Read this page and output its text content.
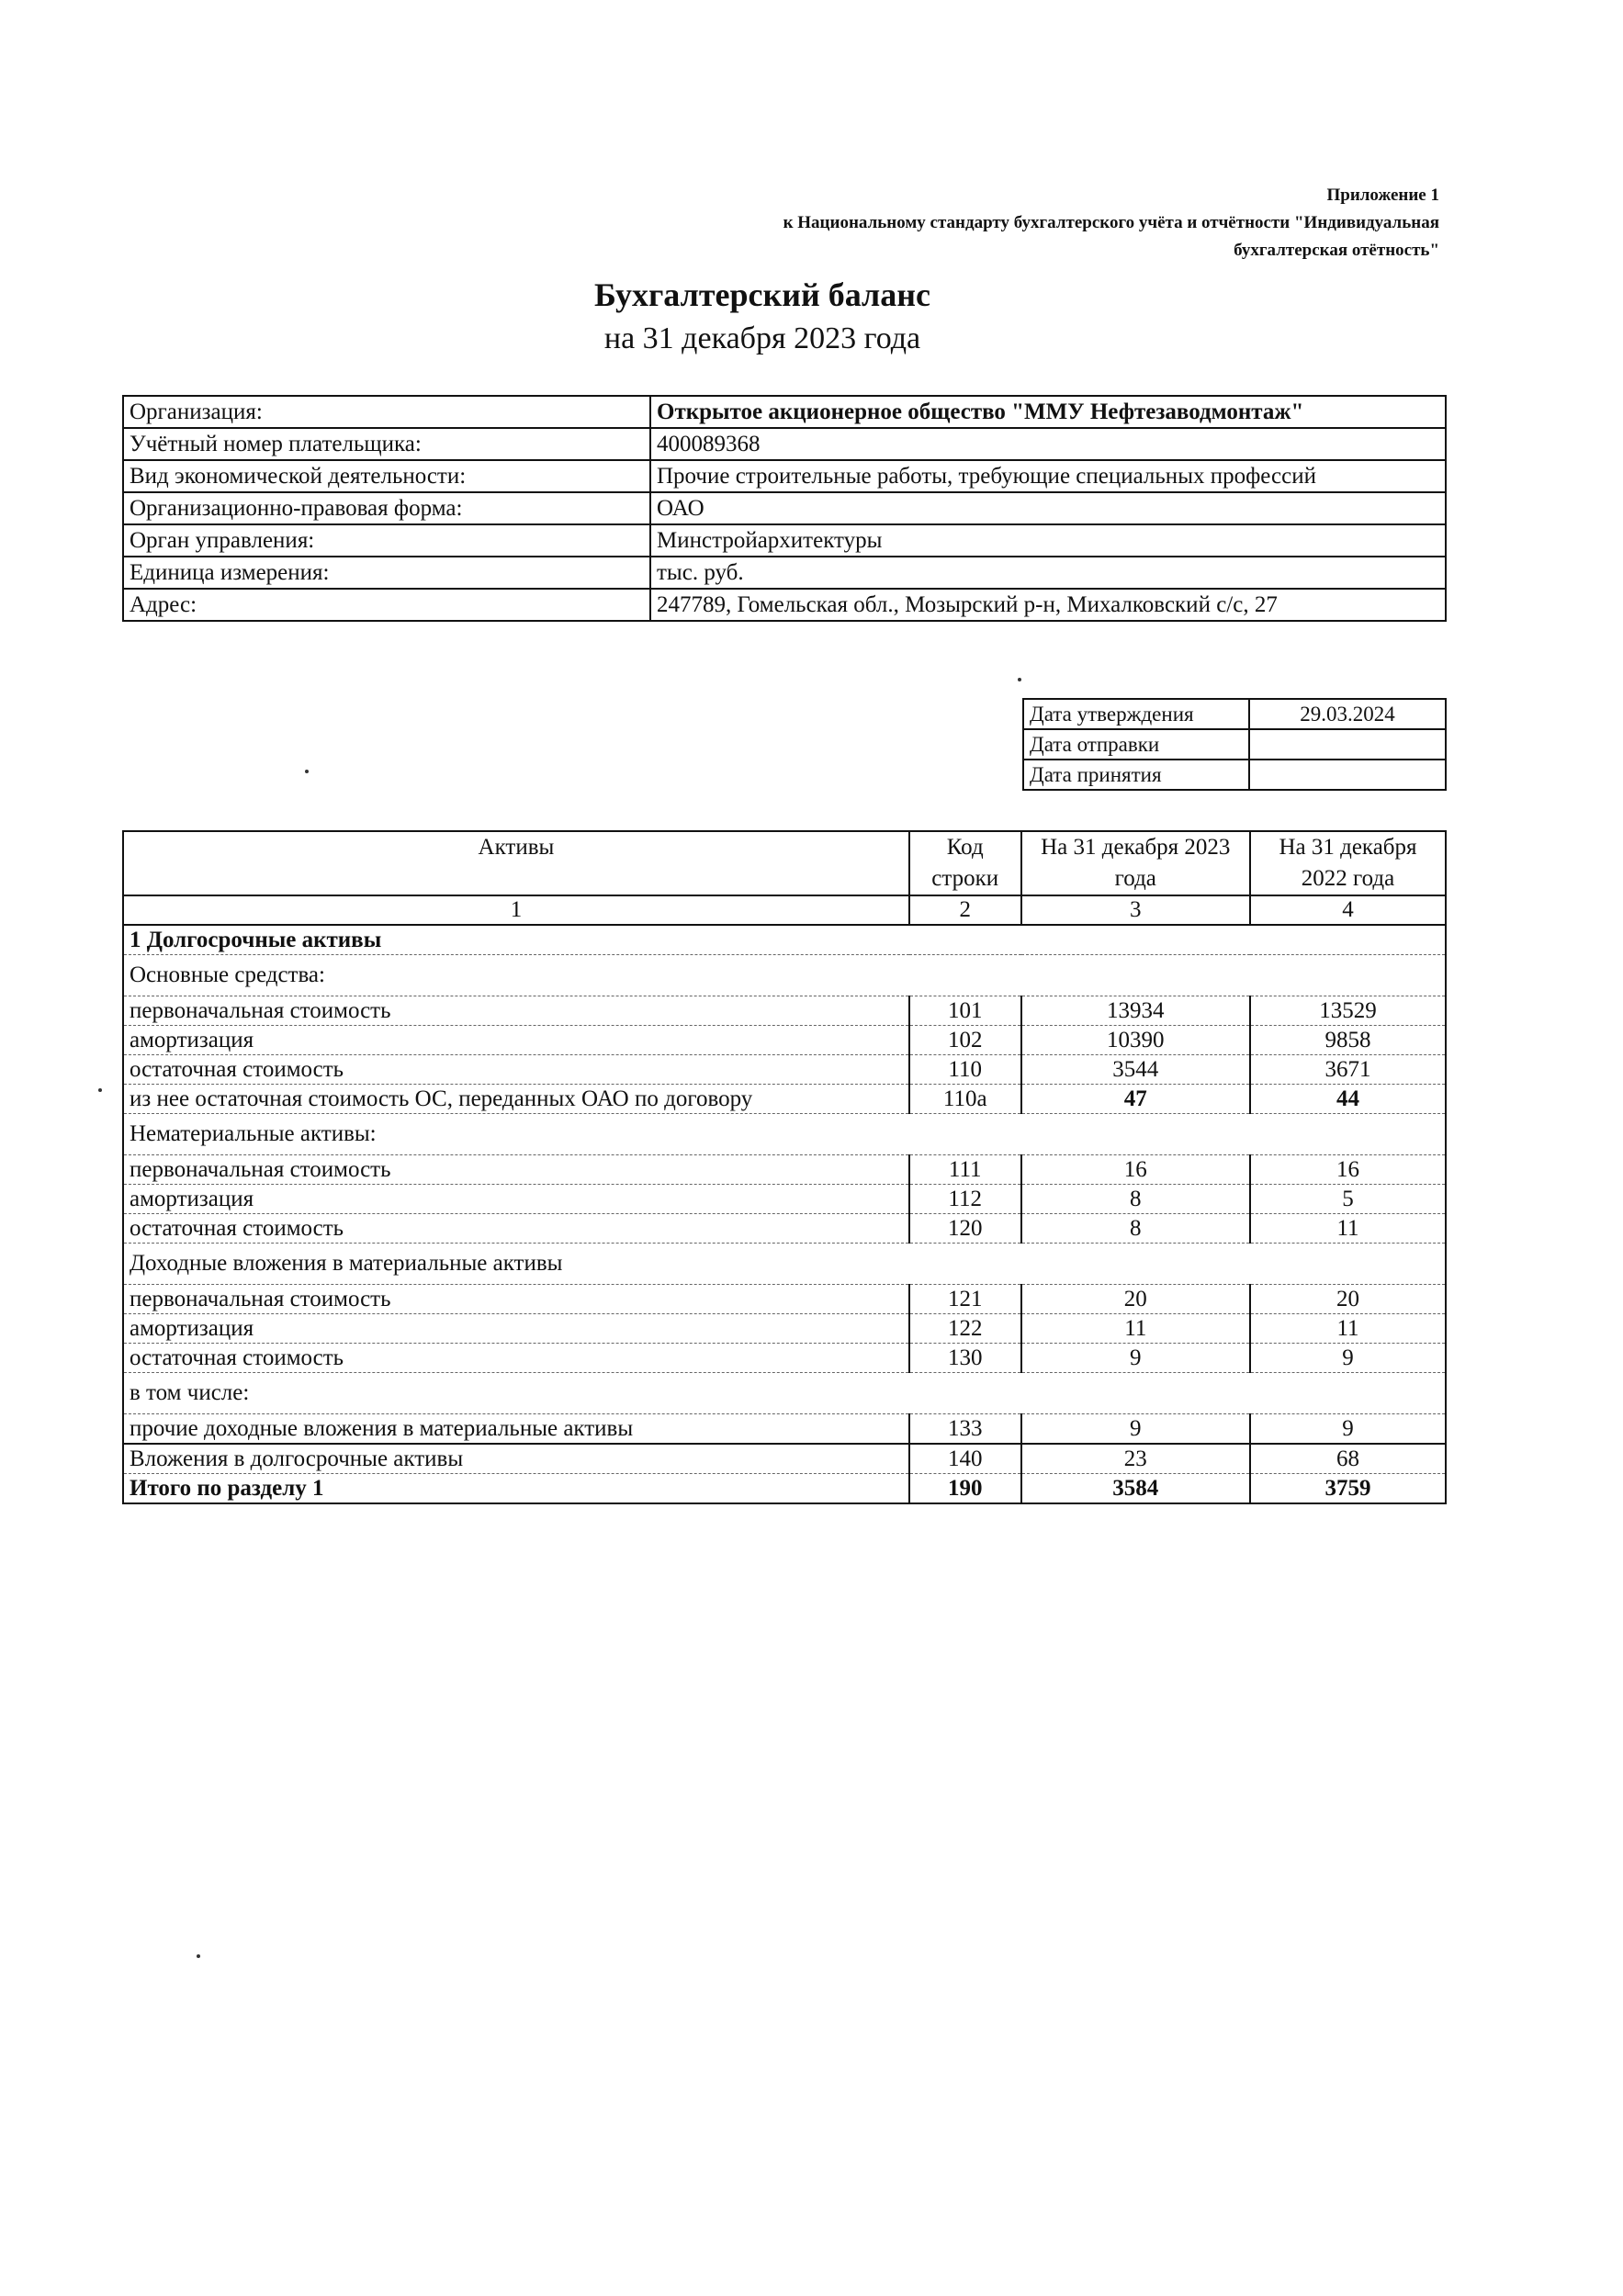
Приложение 1
к Национальному стандарту бухгалтерского учёта и отчётности "Индивидуальная
бухгалтерская отётность"
Бухгалтерский баланс
на 31 декабря 2023 года
Организация:	Открытое акционерное общество "ММУ Нефтезаводмонтаж"
Учётный номер плательщика:	400089368
Вид экономической деятельности:	Прочие строительные работы, требующие специальных профессий
Организационно-правовая форма:	ОАО
Орган управления:	Минстройархитектуры
Единица измерения:	тыс. руб.
Адрес:	247789, Гомельская обл., Мозырский р-н, Михалковский с/с, 27
Дата утверждения	29.03.2024
Дата отправки	
Дата принятия	
Активы	Код строки	На 31 декабря 2023 года	На 31 декабря 2022 года
1	2	3	4
1 Долгосрочные активы			
Основные средства:			
первоначальная стоимость	101	13934	13529
амортизация	102	10390	9858
остаточная стоимость	110	3544	3671
из нее остаточная стоимость ОС, переданных ОАО по договору	110а	47	44
Нематериальные активы:			
первоначальная стоимость	111	16	16
амортизация	112	8	5
остаточная стоимость	120	8	11
Доходные вложения в материальные активы			
первоначальная стоимость	121	20	20
амортизация	122	11	11
остаточная стоимость	130	9	9
в том числе:			
прочие доходные вложения в материальные активы	133	9	9
Вложения в долгосрочные активы	140	23	68
Итого по разделу 1	190	3584	3759
